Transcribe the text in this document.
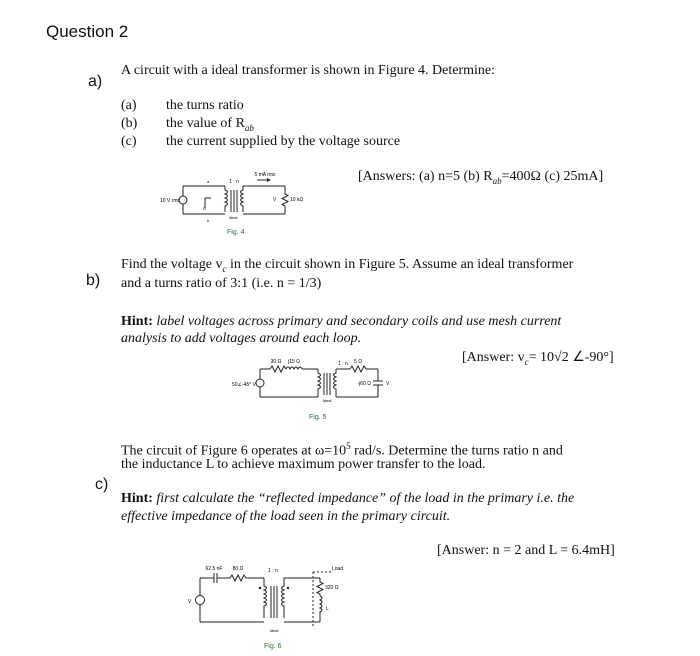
Question 2
a)
A circuit with a ideal transformer is shown in Figure 4. Determine:
(a) the turns ratio
(b) the value of $R_{ab}$
(c) the current supplied by the voltage source
[Answers: (a) n=5 (b) $R_{ab}=400\Omega$ (c) 25mA]
5 mA rms
10 V rms
1 : n
10 kΩ
V
R
Ideal
a
b
Fig. 4
Find the voltage $v_c$ in the circuit shown in Figure 5. Assume an ideal transformer
b) and a turns ratio of 3:1 (i.e. n = 1/3)
Hint: label voltages across primary and secondary coils and use mesh current
analysis to add voltages around each loop.
[Answer: $v_c= 10√2$ ∠-90°]
50∠-45° V
30 Ω j15 Ω	1 : n 5 Ω
-j60 Ω	V
Ideal
Fig. 5
The circuit of Figure 6 operates at $\omega=10^5$ rad/s. Determine the turns ratio n and
the inductance L to achieve maximum power transfer to the load.
c)
Hint: first calculate the “reflected impedance” of the load in the primary i.e. the
effective impedance of the load seen in the primary circuit.
[Answer: n = 2 and L = 6.4mH]
62.5 nF 80 Ω	1 : n	Load
320 Ω
L
V
Ideal
Fig. 6
